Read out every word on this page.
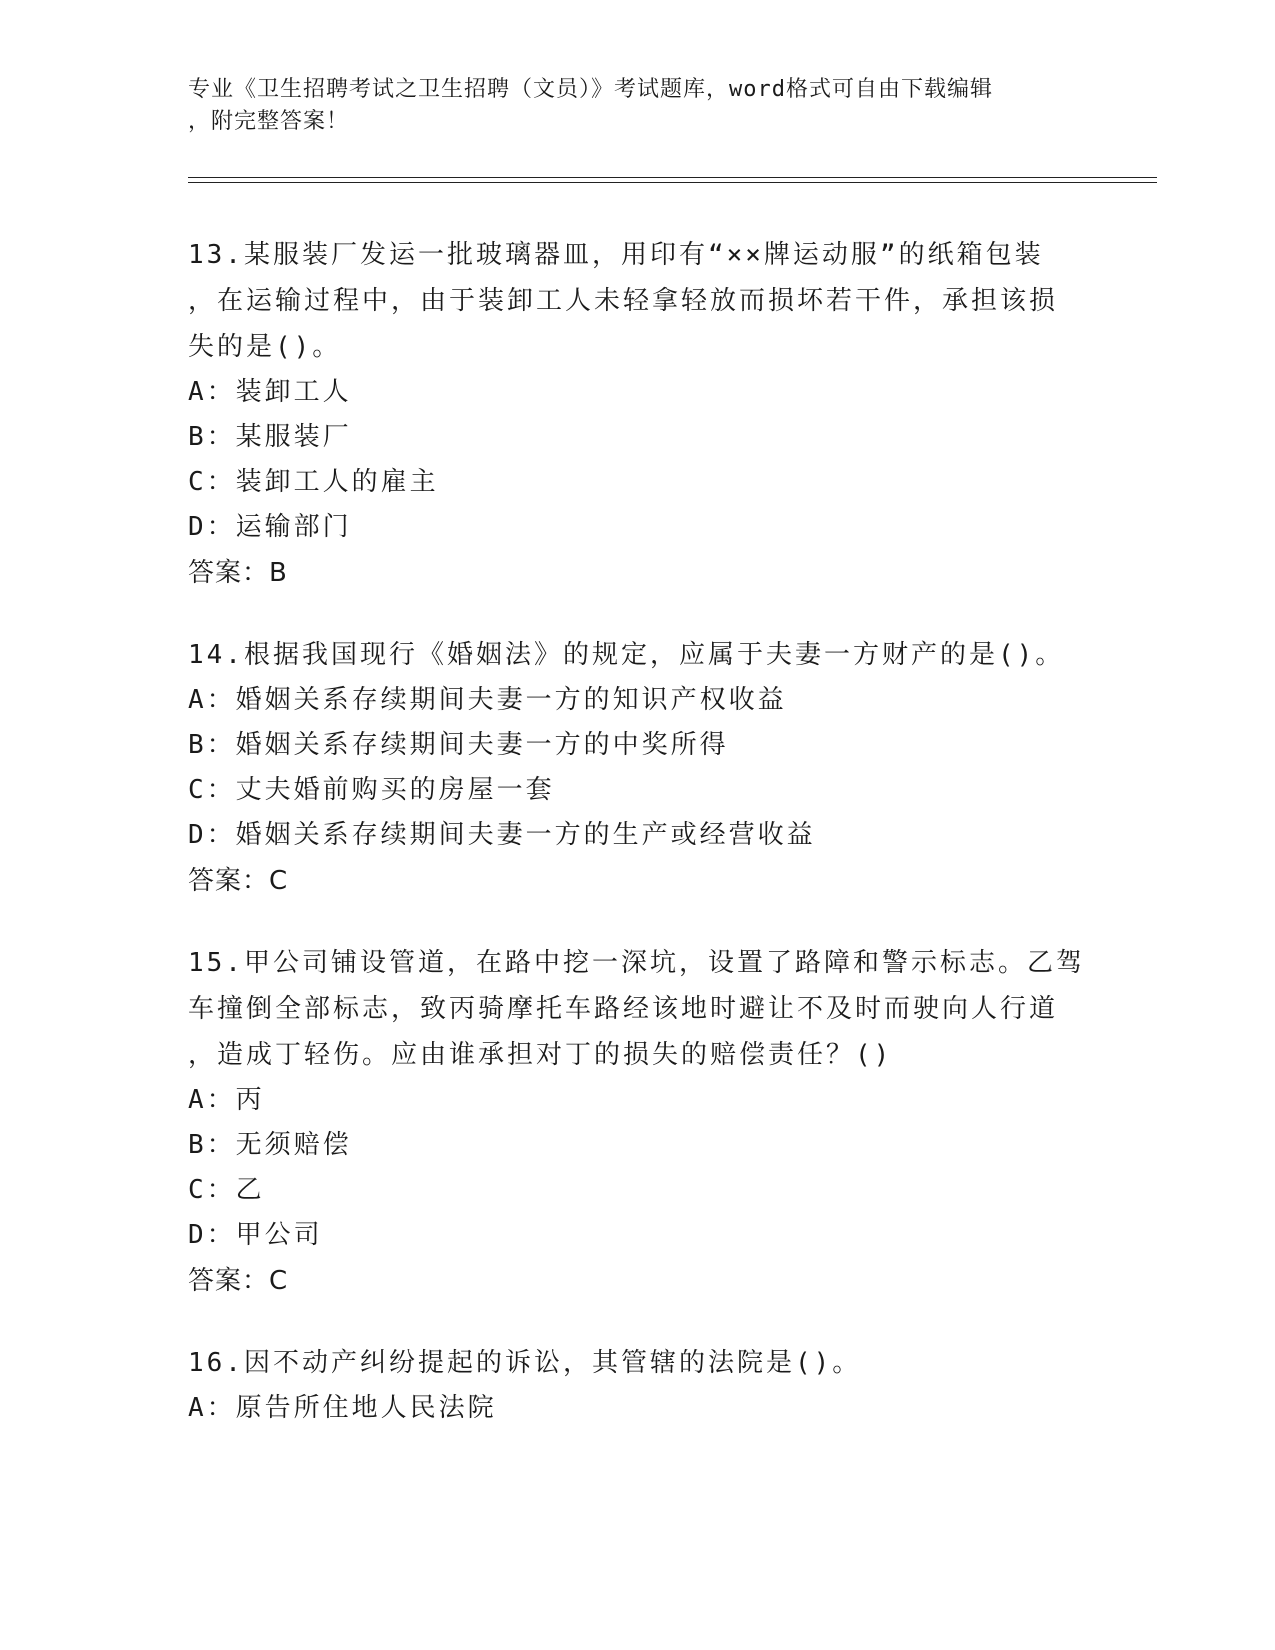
专业《卫生招聘考试之卫生招聘（文员）》考试题库，word格式可自由下载编辑
，附完整答案！
13.某服装厂发运一批玻璃器皿，用印有“××牌运动服”的纸箱包装
，在运输过程中，由于装卸工人未轻拿轻放而损坏若干件，承担该损
失的是()。
A：装卸工人
B：某服装厂
C：装卸工人的雇主
D：运输部门
答案：B
14.根据我国现行《婚姻法》的规定，应属于夫妻一方财产的是()。
A：婚姻关系存续期间夫妻一方的知识产权收益
B：婚姻关系存续期间夫妻一方的中奖所得
C：丈夫婚前购买的房屋一套
D：婚姻关系存续期间夫妻一方的生产或经营收益
答案：C
15.甲公司铺设管道，在路中挖一深坑，设置了路障和警示标志。乙驾
车撞倒全部标志，致丙骑摩托车路经该地时避让不及时而驶向人行道
，造成丁轻伤。应由谁承担对丁的损失的赔偿责任？()
A：丙
B：无须赔偿
C：乙
D：甲公司
答案：C
16.因不动产纠纷提起的诉讼，其管辖的法院是()。
A：原告所住地人民法院
